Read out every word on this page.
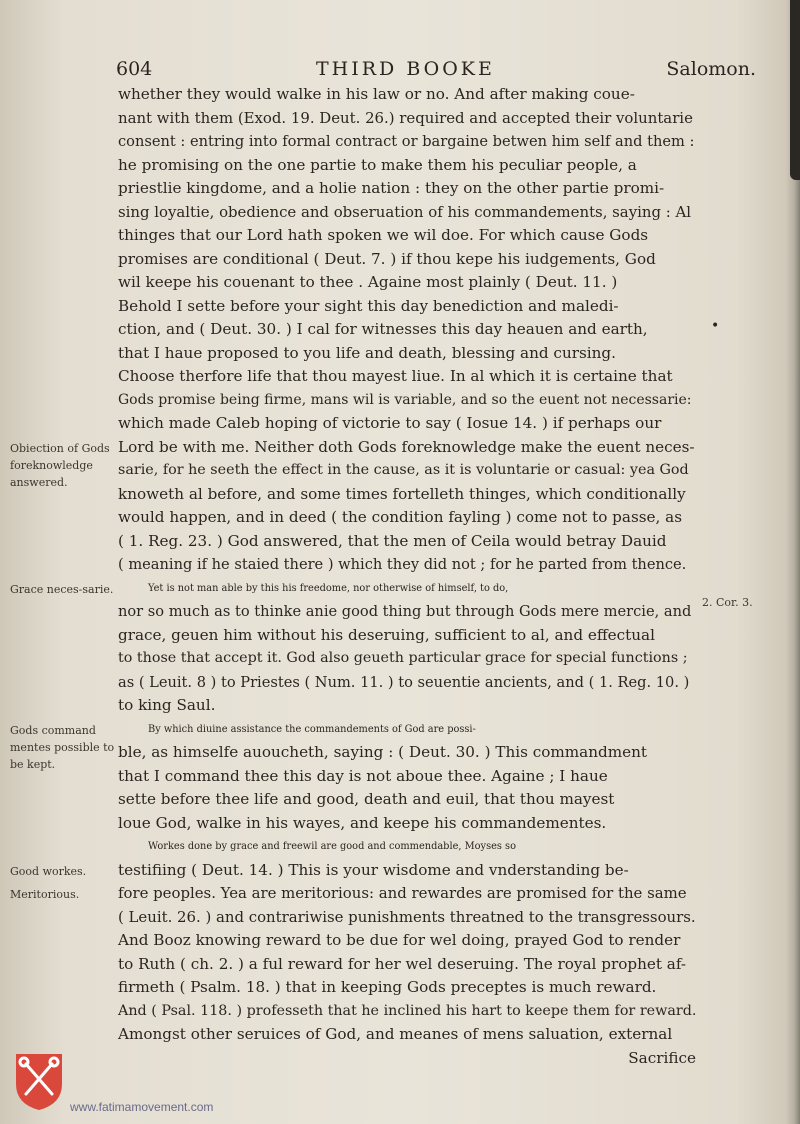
604	THIRD BOOKE	Salomon.
whether they would walke in his law or no. And after making coue-
nant with them (Exod. 19. Deut. 26.) required and accepted their voluntarie
consent : entring into formal contract or bargaine betwen him self and them :
he promising on the one partie to make them his peculiar people, a
priestlie kingdome, and a holie nation : they on the other partie promi-
sing loyaltie, obedience and obseruation of his commandements, saying : Al
thinges that our Lord hath spoken we wil doe. For which cause Gods
promises are conditional ( Deut. 7. ) if thou kepe his iudgements, God
wil keepe his couenant to thee . Againe most plainly ( Deut. 11. )
Behold I sette before your sight this day benediction and maledi-
ction, and ( Deut. 30. ) I cal for witnesses this day heauen and earth,
that I haue proposed to you life and death, blessing and cursing.
Choose therfore life that thou mayest liue. In al which it is certaine that
Gods promise being firme, mans wil is variable, and so the euent not necessarie:
which made Caleb hoping of victorie to say ( Iosue 14. ) if perhaps our
Lord be with me. Neither doth Gods foreknowledge make the euent neces-
sarie, for he seeth the effect in the cause, as it is voluntarie or casual: yea God
knoweth al before, and some times fortelleth thinges, which conditionally
would happen, and in deed ( the condition fayling ) come not to passe, as
( 1. Reg. 23. ) God answered, that the men of Ceila would betray Dauid
( meaning if he staied there ) which they did not ; for he parted from thence.
Yet is not man able by this his freedome, nor otherwise of himself, to do,
nor so much as to thinke anie good thing but through Gods mere mercie, and
grace, geuen him without his deseruing, sufficient to al, and effectual
to those that accept it. God also geueth particular grace for special functions ;
as ( Leuit. 8 ) to Priestes ( Num. 11. ) to seuentie ancients, and ( 1. Reg. 10. )
to king Saul.
By which diuine assistance the commandements of God are possi-
ble, as himselfe auoucheth, saying : ( Deut. 30. ) This commandment
that I command thee this day is not aboue thee. Againe ; I haue
sette before thee life and good, death and euil, that thou mayest
loue God, walke in his wayes, and keepe his commandementes.
Workes done by grace and freewil are good and commendable, Moyses so
testifiing ( Deut. 14. ) This is your wisdome and vnderstanding be-
fore peoples. Yea are meritorious: and rewardes are promised for the same
( Leuit. 26. ) and contrariwise punishments threatned to the transgressours.
And Booz knowing reward to be due for wel doing, prayed God to render
to Ruth ( ch. 2. ) a ful reward for her wel deseruing. The royal prophet af-
firmeth ( Psalm. 18. ) that in keeping Gods preceptes is much reward.
And ( Psal. 118. ) professeth that he inclined his hart to keepe them for reward.
Amongst other seruices of God, and meanes of mens saluation, external
Sacrifice
Obiection of Gods foreknowledge answered.
Grace neces-sarie.
Gods command mentes possible to be kept.
Good workes.
Meritorious.
2. Cor. 3.
•
www.fatimamovement.com
